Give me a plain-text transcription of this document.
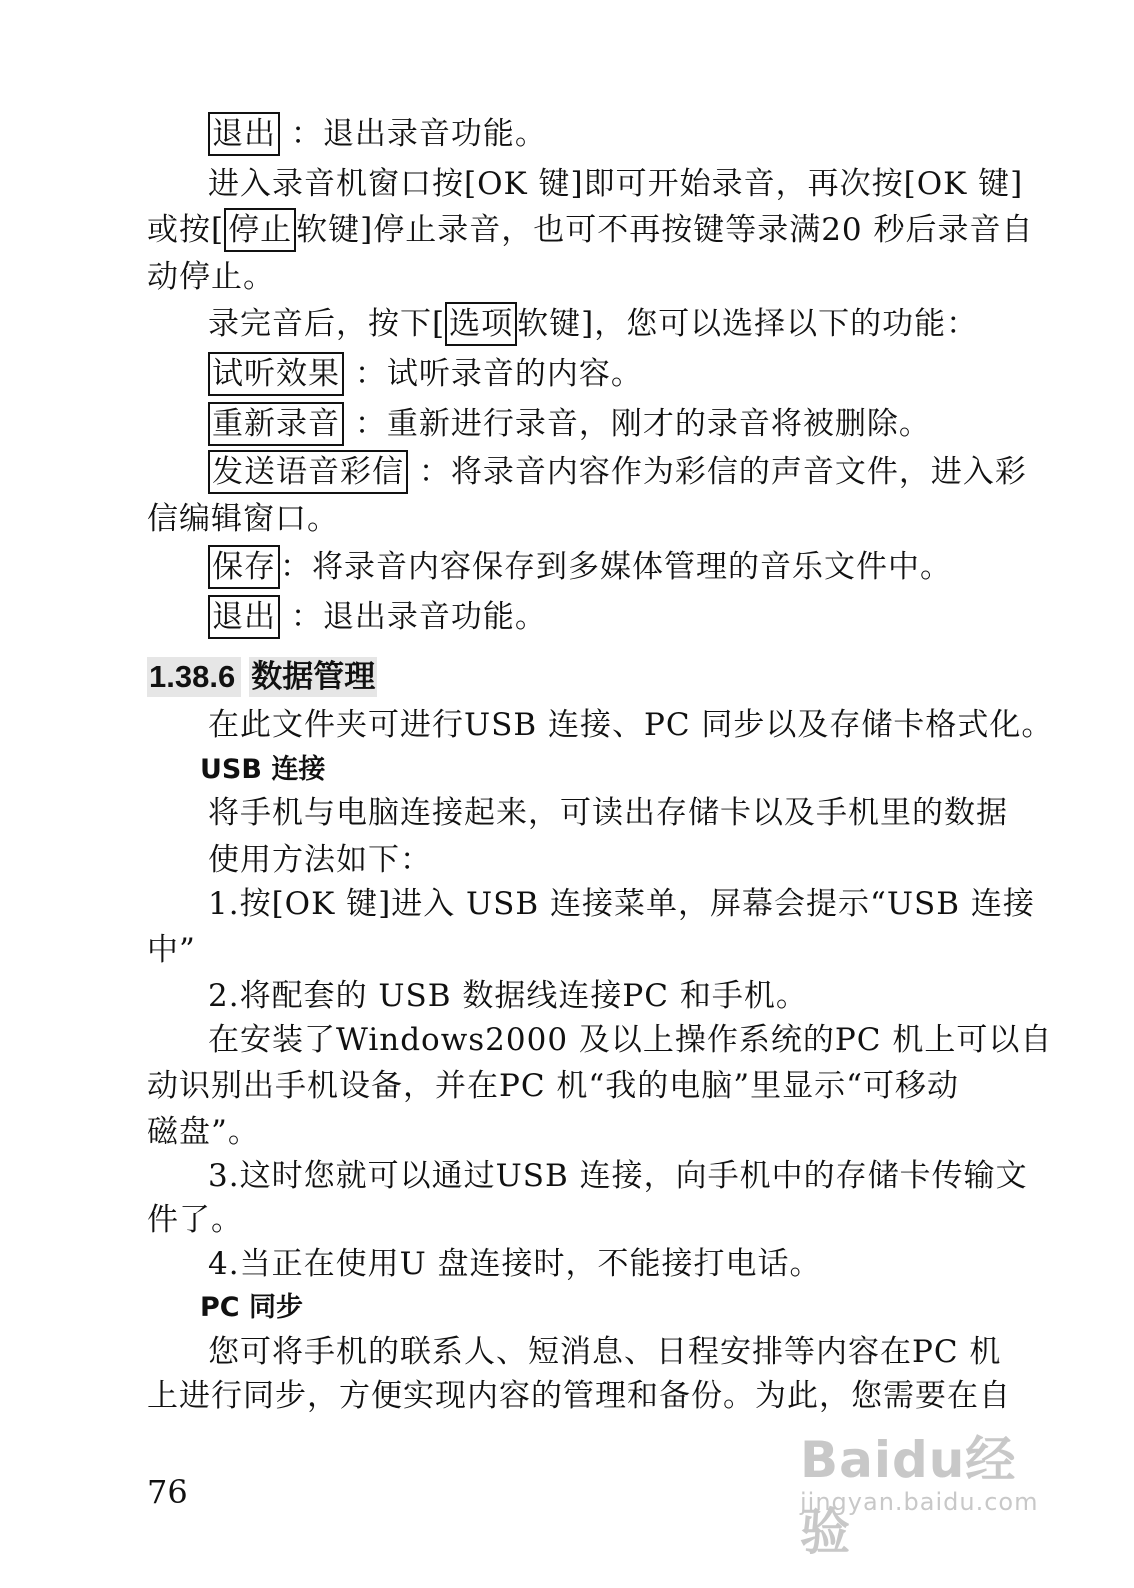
退出 ：退出录音功能。
进入录音机窗口按[OK 键]即可开始录音，再次按[OK 键]
或按[ 停止 软键]停止录音，也可不再按键等录满20 秒后录音自
动停止。
录完音后，按下[ 选项 软键]，您可以选择以下的功能：
试听效果 ：试听录音的内容。
重新录音 ：重新进行录音，刚才的录音将被删除。
发送语音彩信 ：将录音内容作为彩信的声音文件，进入彩
信编辑窗口。
保存 ：将录音内容保存到多媒体管理的音乐文件中。
退出 ：退出录音功能。
1.38.6 数据管理
在此文件夹可进行USB 连接、PC 同步以及存储卡格式化。
USB 连接
将手机与电脑连接起来，可读出存储卡以及手机里的数据
使用方法如下：
1.按[OK 键]进入 USB 连接菜单，屏幕会提示“USB 连接
中”
2.将配套的 USB 数据线连接PC 和手机。
在安装了Windows2000 及以上操作系统的PC 机上可以自
动识别出手机设备，并在PC 机“我的电脑”里显示“可移动
磁盘”。
3.这时您就可以通过USB 连接，向手机中的存储卡传输文
件了。
4.当正在使用U 盘连接时，不能接打电话。
PC 同步
您可将手机的联系人、短消息、日程安排等内容在PC 机
上进行同步，方便实现内容的管理和备份。为此，您需要在自
76
Baidu经验
jingyan.baidu.com
